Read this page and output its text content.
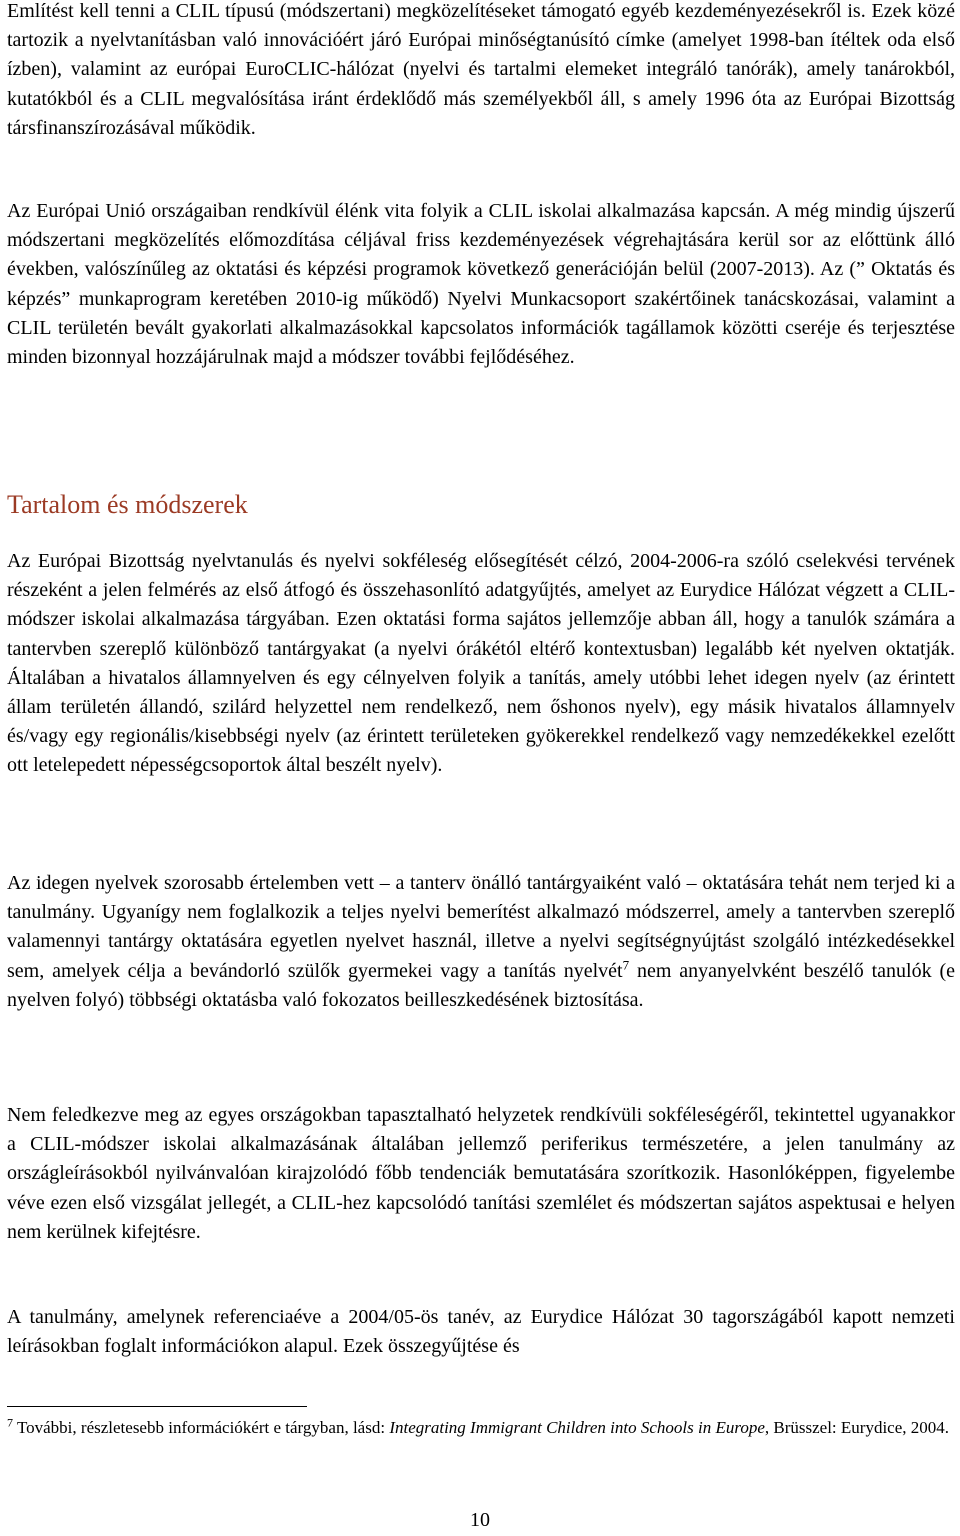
Említést kell tenni a CLIL típusú (módszertani) megközelítéseket támogató egyéb kezdeményezésekről is. Ezek közé tartozik a nyelvtanításban való innovációért járó Európai minőségtanúsító címke (amelyet 1998-ban ítéltek oda első ízben), valamint az európai EuroCLIC-hálózat (nyelvi és tartalmi elemeket integráló tanórák), amely tanárokból, kutatókból és a CLIL megvalósítása iránt érdeklődő más személyekből áll, s amely 1996 óta az Európai Bizottság társfinanszírozásával működik.

Az Európai Unió országaiban rendkívül élénk vita folyik a CLIL iskolai alkalmazása kapcsán. A még mindig újszerű módszertani megközelítés előmozdítása céljával friss kezdeményezések végrehajtására kerül sor az előttünk álló években, valószínűleg az oktatási és képzési programok következő generációján belül (2007-2013). Az (” Oktatás és képzés” munkaprogram keretében 2010-ig működő) Nyelvi Munkacsoport szakértőinek tanácskozásai, valamint a CLIL területén bevált gyakorlati alkalmazásokkal kapcsolatos információk tagállamok közötti cseréje és terjesztése minden bizonnyal hozzájárulnak majd a módszer további fejlődéséhez.

Tartalom és módszerek

Az Európai Bizottság nyelvtanulás és nyelvi sokféleség elősegítését célzó, 2004-2006-ra szóló cselekvési tervének részeként a jelen felmérés az első átfogó és összehasonlító adatgyűjtés, amelyet az Eurydice Hálózat végzett a CLIL-módszer iskolai alkalmazása tárgyában. Ezen oktatási forma sajátos jellemzője abban áll, hogy a tanulók számára a tantervben szereplő különböző tantárgyakat (a nyelvi órákétól eltérő kontextusban) legalább két nyelven oktatják. Általában a hivatalos államnyelven és egy célnyelven folyik a tanítás, amely utóbbi lehet idegen nyelv (az érintett állam területén állandó, szilárd helyzettel nem rendelkező, nem őshonos nyelv), egy másik hivatalos államnyelv és/vagy egy regionális/kisebbségi nyelv (az érintett területeken gyökerekkel rendelkező vagy nemzedékekkel ezelőtt ott letelepedett népességcsoportok által beszélt nyelv).

Az idegen nyelvek szorosabb értelemben vett – a tanterv önálló tantárgyaiként való – oktatására tehát nem terjed ki a tanulmány. Ugyanígy nem foglalkozik a teljes nyelvi bemerítést alkalmazó módszerrel, amely a tantervben szereplő valamennyi tantárgy oktatására egyetlen nyelvet használ, illetve a nyelvi segítségnyújtást szolgáló intézkedésekkel sem, amelyek célja a bevándorló szülők gyermekei vagy a tanítás nyelvét$^7$ nem anyanyelvként beszélő tanulók (e nyelven folyó) többségi oktatásba való fokozatos beilleszkedésének biztosítása.

Nem feledkezve meg az egyes országokban tapasztalható helyzetek rendkívüli sokféleségéről, tekintettel ugyanakkor a CLIL-módszer iskolai alkalmazásának általában jellemző periferikus természetére, a jelen tanulmány az országleírásokból nyilvánvalóan kirajzolódó főbb tendenciák bemutatására szorítkozik. Hasonlóképpen, figyelembe véve ezen első vizsgálat jellegét, a CLIL-hez kapcsolódó tanítási szemlélet és módszertan sajátos aspektusai e helyen nem kerülnek kifejtésre.

A tanulmány, amelynek referenciaéve a 2004/05-ös tanév, az Eurydice Hálózat 30 tagországából kapott nemzeti leírásokban foglalt információkon alapul. Ezek összegyűjtése és

$^7$ További, részletesebb információkért e tárgyban, lásd: Integrating Immigrant Children into Schools in Europe, Brüsszel: Eurydice, 2004.

10
